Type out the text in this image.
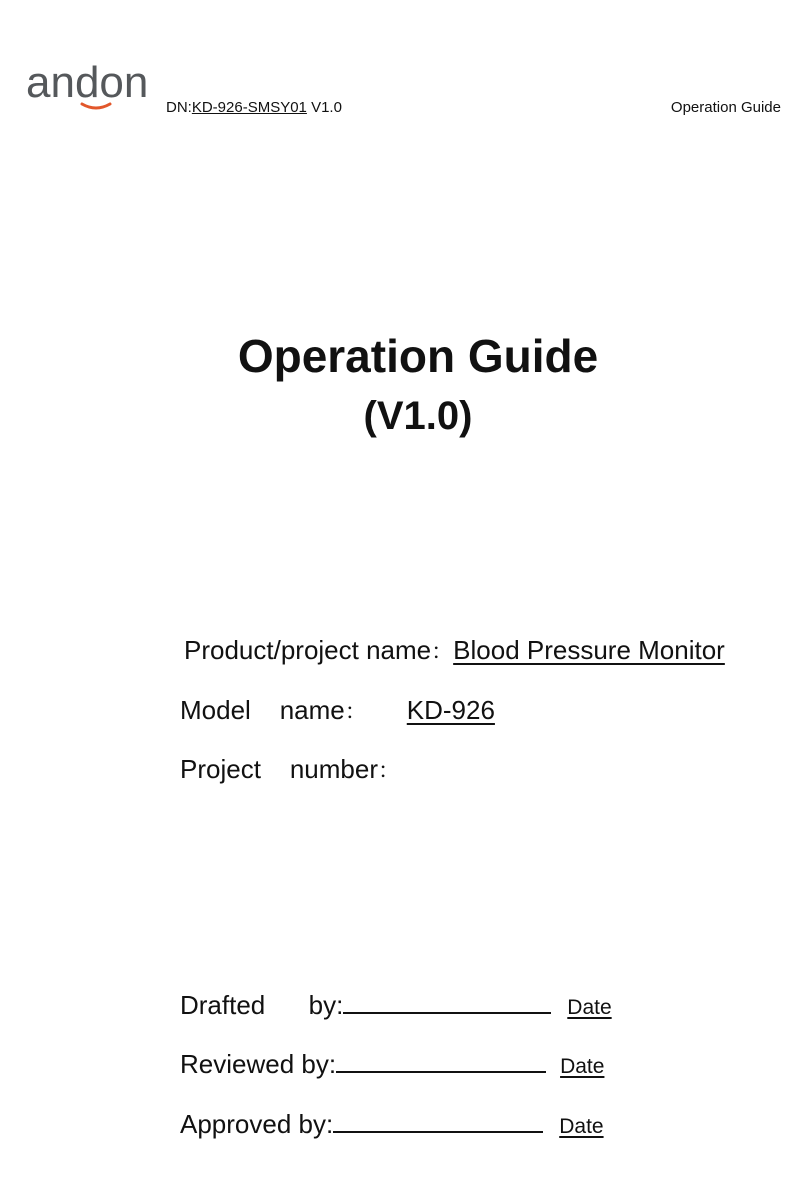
andon
DN:KD-926-SMSY01 V1.0	Operation Guide
Operation Guide
(V1.0)
Product/project name：Blood Pressure Monitor
Model    name： KD-926
Project    number：
Drafted      by:	Date
Reviewed by:	Date
Approved by:	Date
